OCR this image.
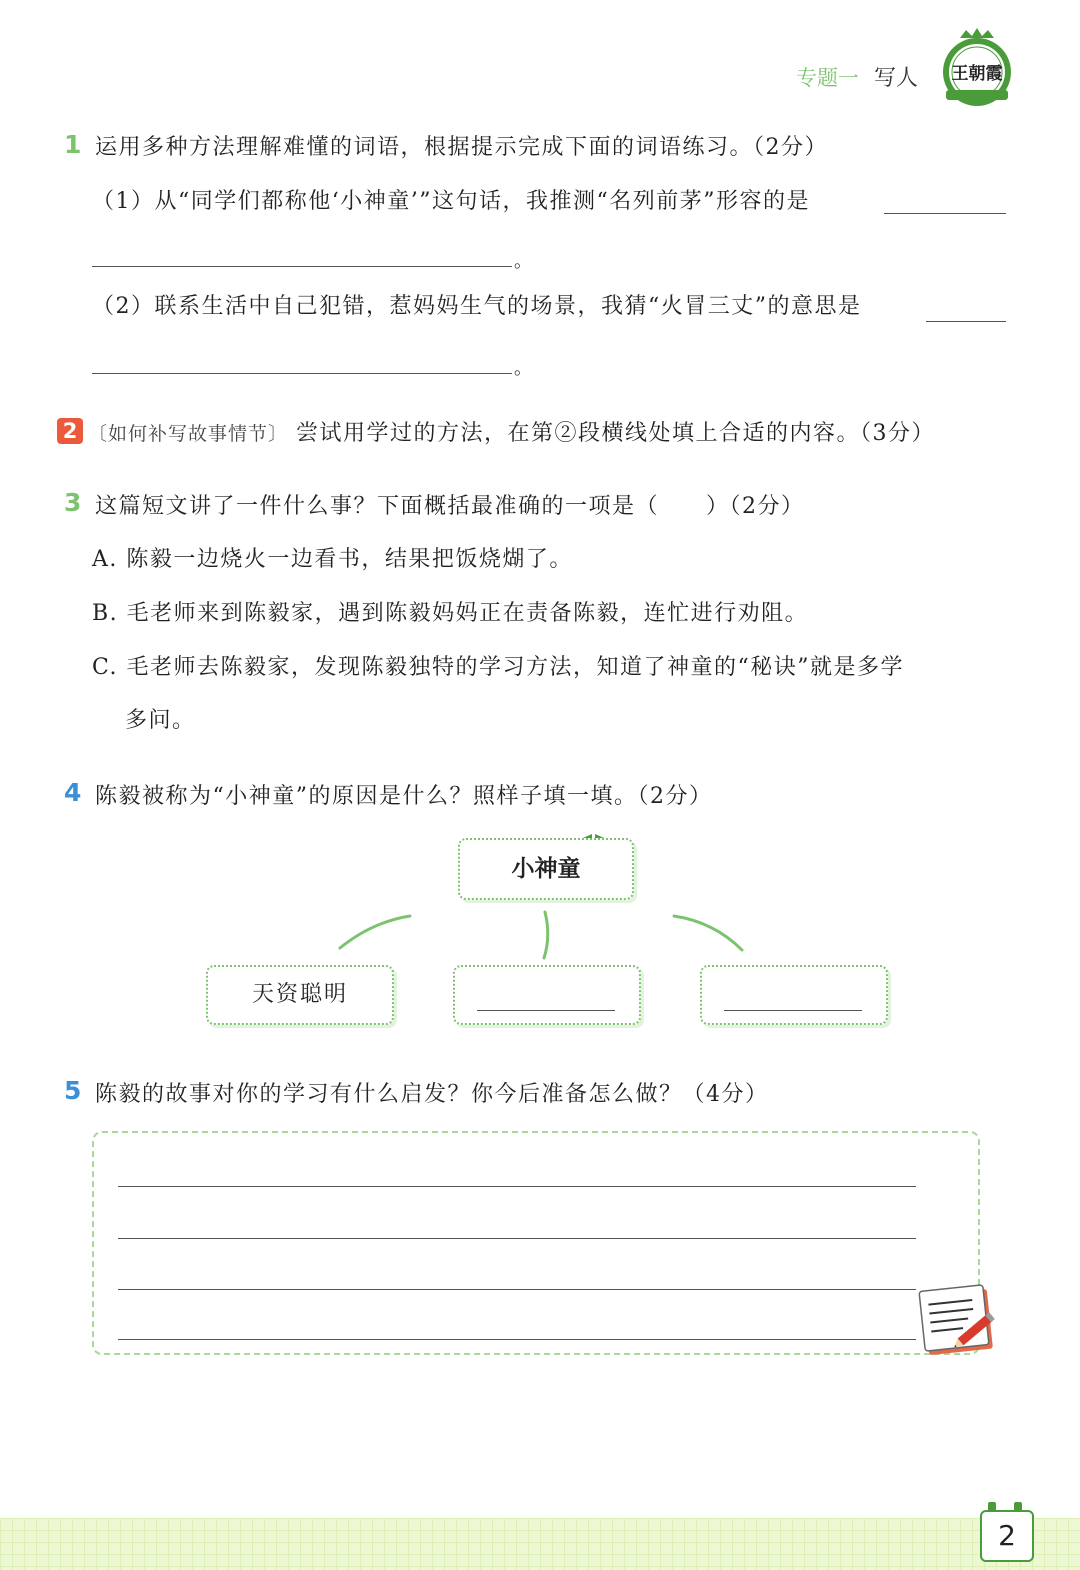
专题一 写人 王朝霞
1 运用多种方法理解难懂的词语，根据提示完成下面的词语练习。（2分）
（1）从“同学们都称他‘小神童’”这句话，我推测“名列前茅”形容的是
。
（2）联系生活中自己犯错，惹妈妈生气的场景，我猜“火冒三丈”的意思是
。
2 〔如何补写故事情节〕 尝试用学过的方法，在第②段横线处填上合适的内容。（3分）
3 这篇短文讲了一件什么事？下面概括最准确的一项是（　　）（2分）
A. 陈毅一边烧火一边看书，结果把饭烧煳了。
B. 毛老师来到陈毅家，遇到陈毅妈妈正在责备陈毅，连忙进行劝阻。
C. 毛老师去陈毅家，发现陈毅独特的学习方法，知道了神童的“秘诀”就是多学
多问。
4 陈毅被称为“小神童”的原因是什么？照样子填一填。（2分）
小神童
天资聪明
5 陈毅的故事对你的学习有什么启发？你今后准备怎么做？（4分）
2
